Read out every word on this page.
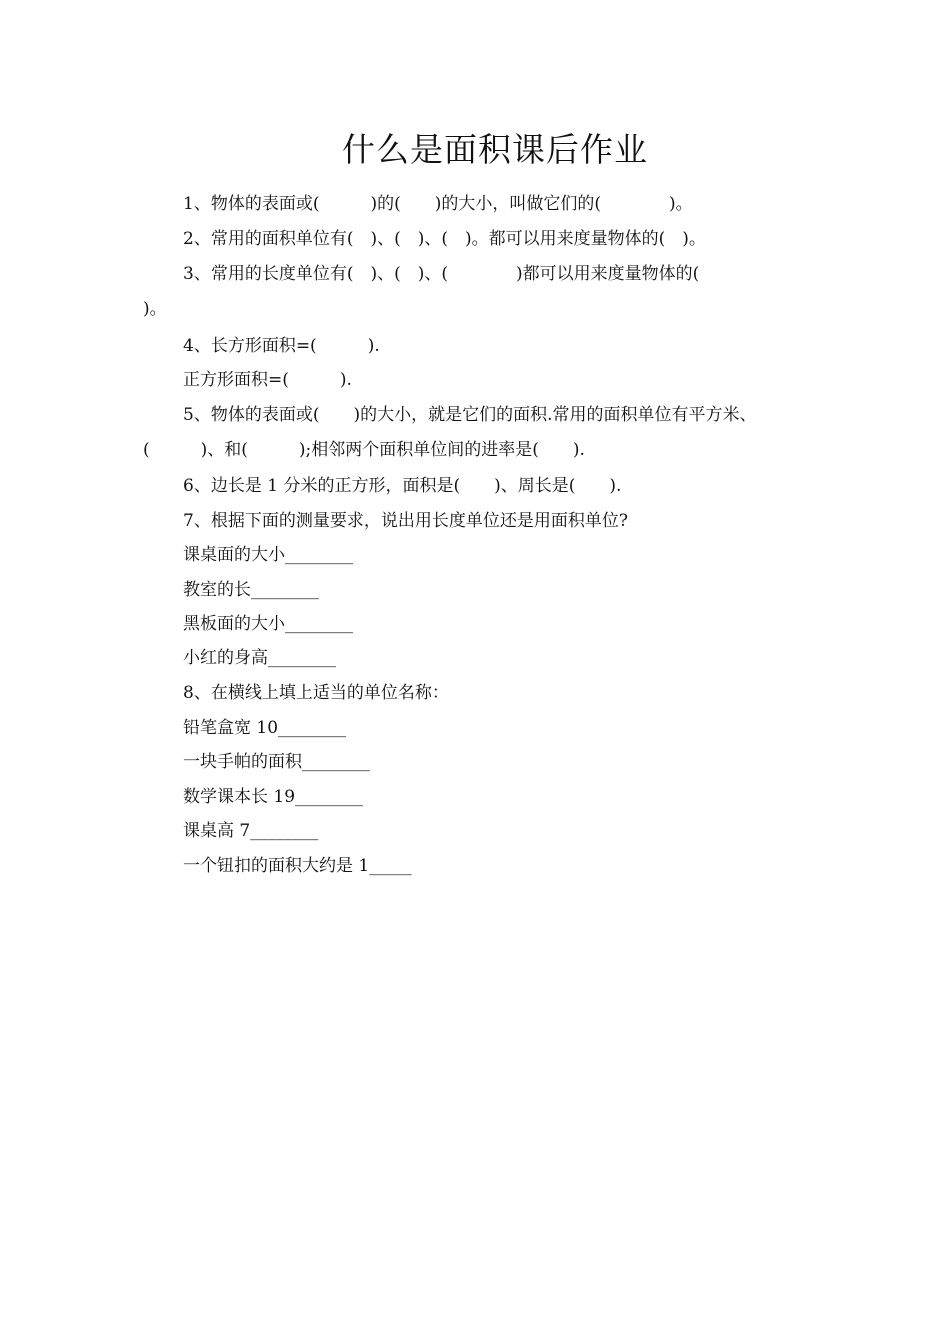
什么是面积课后作业
1、物体的表面或(　　　)的(　　)的大小，叫做它们的(　　　　)。
2、常用的面积单位有(　)、(　)、(　)。都可以用来度量物体的(　)。
3、常用的长度单位有(　)、(　)、(　　　　)都可以用来度量物体的(
)。
4、长方形面积=(　　　).
正方形面积=(　　　).
5、物体的表面或(　　)的大小，就是它们的面积.常用的面积单位有平方米、
(　　　)、和(　　　);相邻两个面积单位间的进率是(　　).
6、边长是 1 分米的正方形，面积是(　　)、周长是(　　).
7、根据下面的测量要求，说出用长度单位还是用面积单位?
课桌面的大小________
教室的长________
黑板面的大小________
小红的身高________
8、在横线上填上适当的单位名称：
铅笔盒宽 10________
一块手帕的面积________
数学课本长 19________
课桌高 7________
一个钮扣的面积大约是 1_____
